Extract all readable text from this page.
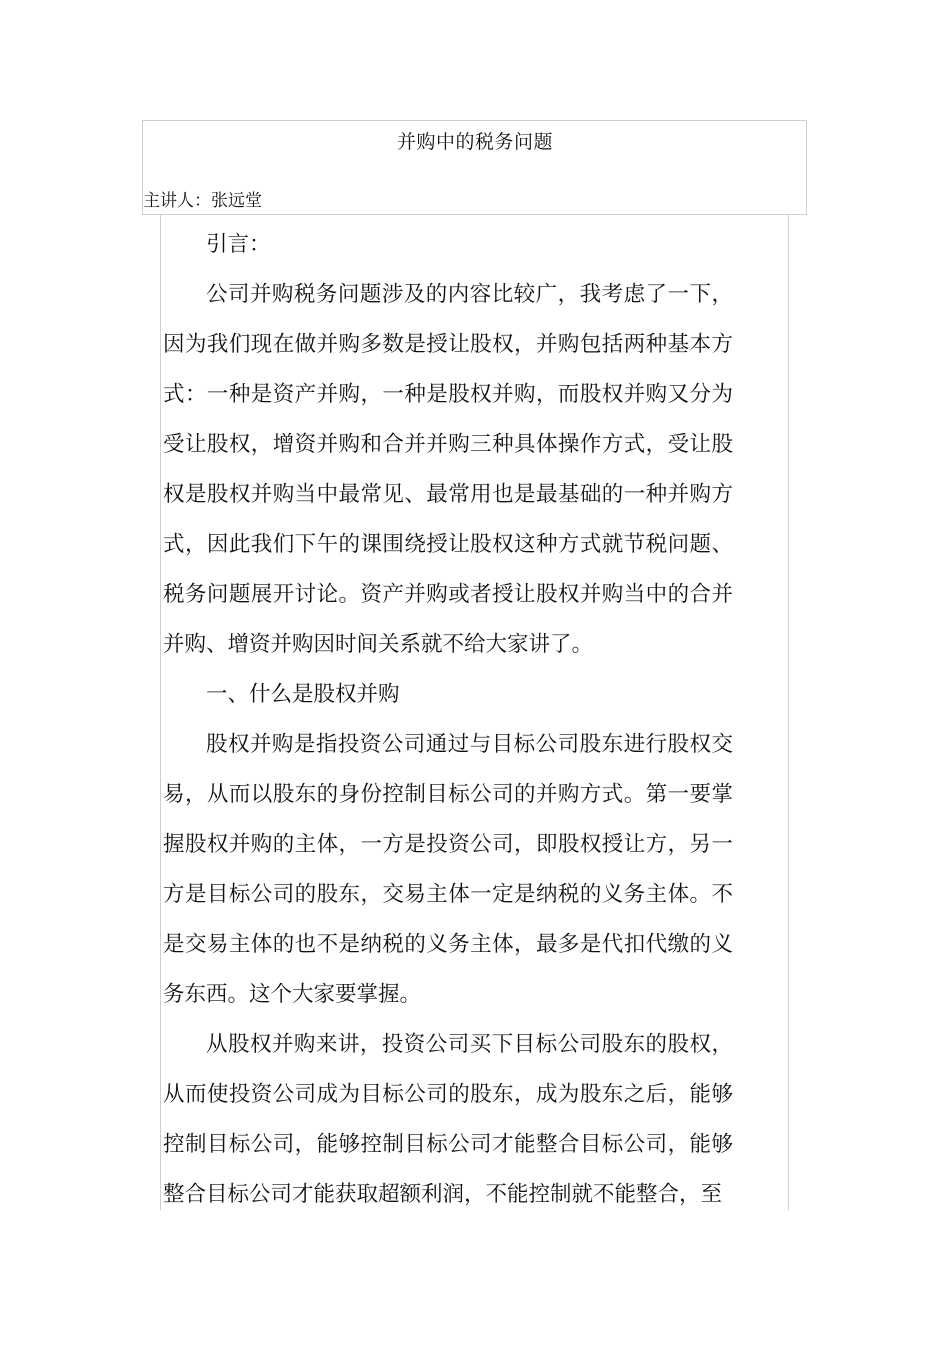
并购中的税务问题
主讲人：张远堂

引言：

公司并购税务问题涉及的内容比较广，我考虑了一下，因为我们现在做并购多数是授让股权，并购包括两种基本方式：一种是资产并购，一种是股权并购，而股权并购又分为受让股权，增资并购和合并并购三种具体操作方式，受让股权是股权并购当中最常见、最常用也是最基础的一种并购方式，因此我们下午的课围绕授让股权这种方式就节税问题、税务问题展开讨论。资产并购或者授让股权并购当中的合并并购、增资并购因时间关系就不给大家讲了。

一、什么是股权并购

股权并购是指投资公司通过与目标公司股东进行股权交易，从而以股东的身份控制目标公司的并购方式。第一要掌握股权并购的主体，一方是投资公司，即股权授让方，另一方是目标公司的股东，交易主体一定是纳税的义务主体。不是交易主体的也不是纳税的义务主体，最多是代扣代缴的义务东西。这个大家要掌握。

从股权并购来讲，投资公司买下目标公司股东的股权，从而使投资公司成为目标公司的股东，成为股东之后，能够控制目标公司，能够控制目标公司才能整合目标公司，能够整合目标公司才能获取超额利润，不能控制就不能整合，至
